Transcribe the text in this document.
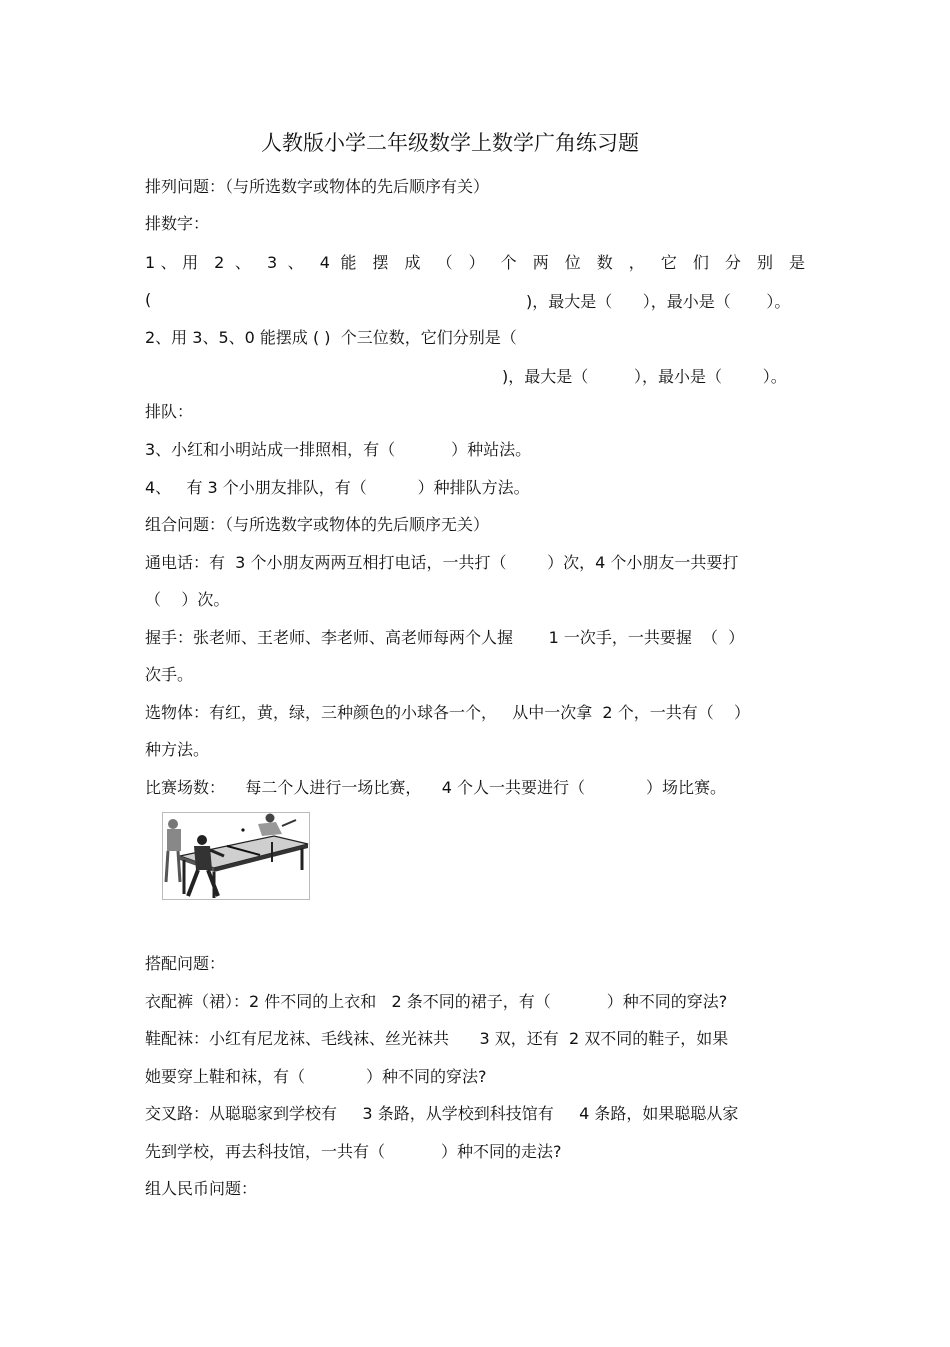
人教版小学二年级数学上数学广角练习题
排列问题：（与所选数字或物体的先后顺序有关）
排数字：
1、用 2 、 3 、 4 能 摆 成 （ ） 个 两 位 数 ， 它 们 分 别 是
(	)，最大是（      ），最小是（       ）。
2、用 3、5、0 能摆成 ( )  个三位数，它们分别是（
)，最大是（         ），最小是（        ）。
排队：
3、小红和小明站成一排照相，有（           ）种站法。
4、   有 3 个小朋友排队，有（          ）种排队方法。
组合问题：（与所选数字或物体的先后顺序无关）
通电话：有  3 个小朋友两两互相打电话，一共打（        ）次，4 个小朋友一共要打
（    ）次。
握手：张老师、王老师、李老师、高老师每两个人握       1 一次手，一共要握  （  ）
次手。
选物体：有红，黄，绿，三种颜色的小球各一个，   从中一次拿  2 个，一共有（    ）
种方法。
比赛场数：    每二个人进行一场比赛，    4 个人一共要进行（            ）场比赛。
搭配问题：
衣配裤（裙）：2 件不同的上衣和   2 条不同的裙子，有（           ）种不同的穿法?
鞋配袜：小红有尼龙袜、毛线袜、丝光袜共      3 双，还有  2 双不同的鞋子，如果
她要穿上鞋和袜，有（            ）种不同的穿法?
交叉路：从聪聪家到学校有     3 条路，从学校到科技馆有     4 条路，如果聪聪从家
先到学校，再去科技馆，一共有（           ）种不同的走法?
组人民币问题：
